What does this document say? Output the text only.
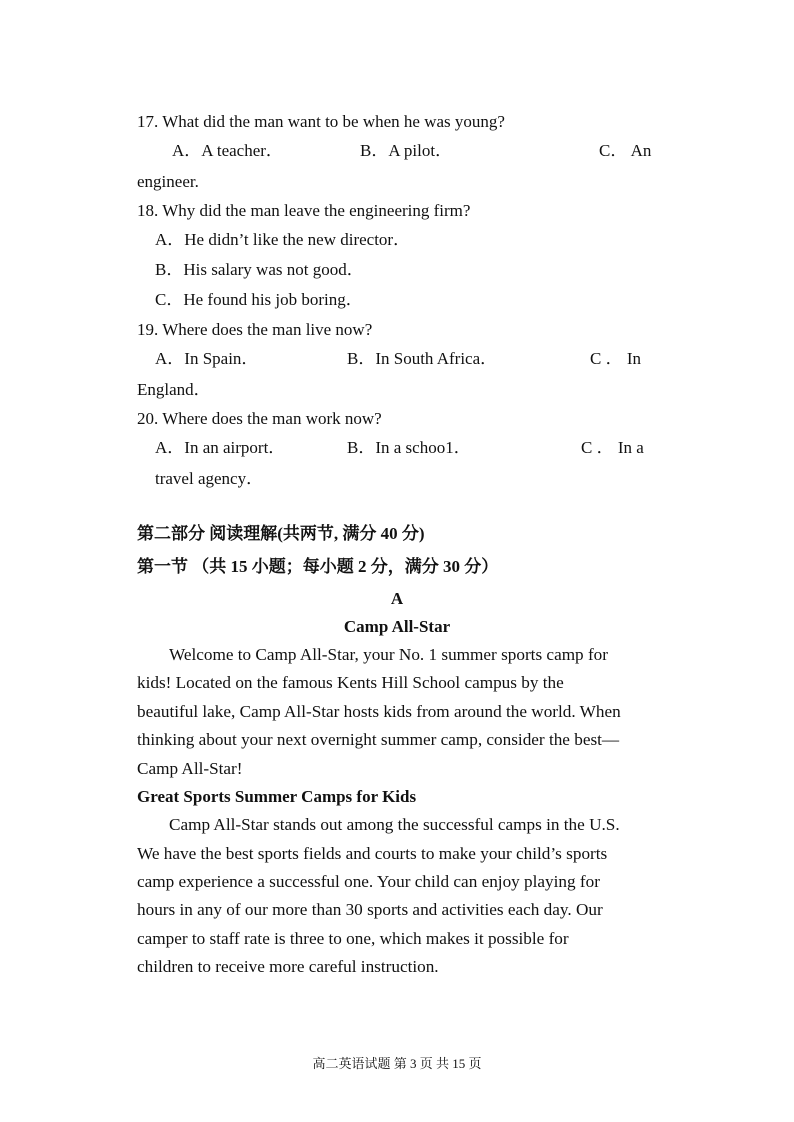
17. What did the man want to be when he was young?
A．A teacher．	B．A pilot．	C． An
engineer.
18. Why did the man leave the engineering firm?
A．He didn’t like the new director．
B．His salary was not good．
C．He found his job boring．
19. Where does the man live now?
A．In Spain．	B．In South Africa．	C ． In
England．
20. Where does the man work now?
A．In an airport．	B．In a schoo1．	C ． In a
travel agency．
第二部分 阅读理解(共两节, 满分 40 分)
第一节 （共 15 小题；每小题 2 分，满分 30 分）
A
Camp All-Star
Welcome to Camp All-Star, your No. 1 summer sports camp for
kids! Located on the famous Kents Hill School campus by the
beautiful lake, Camp All-Star hosts kids from around the world. When
thinking about your next overnight summer camp, consider the best—
Camp All-Star!
Great Sports Summer Camps for Kids
Camp All-Star stands out among the successful camps in the U.S.
We have the best sports fields and courts to make your child’s sports
camp experience a successful one. Your child can enjoy playing for
hours in any of our more than 30 sports and activities each day. Our
camper to staff rate is three to one, which makes it possible for
children to receive more careful instruction.
高二英语试题 第 3 页 共 15 页
